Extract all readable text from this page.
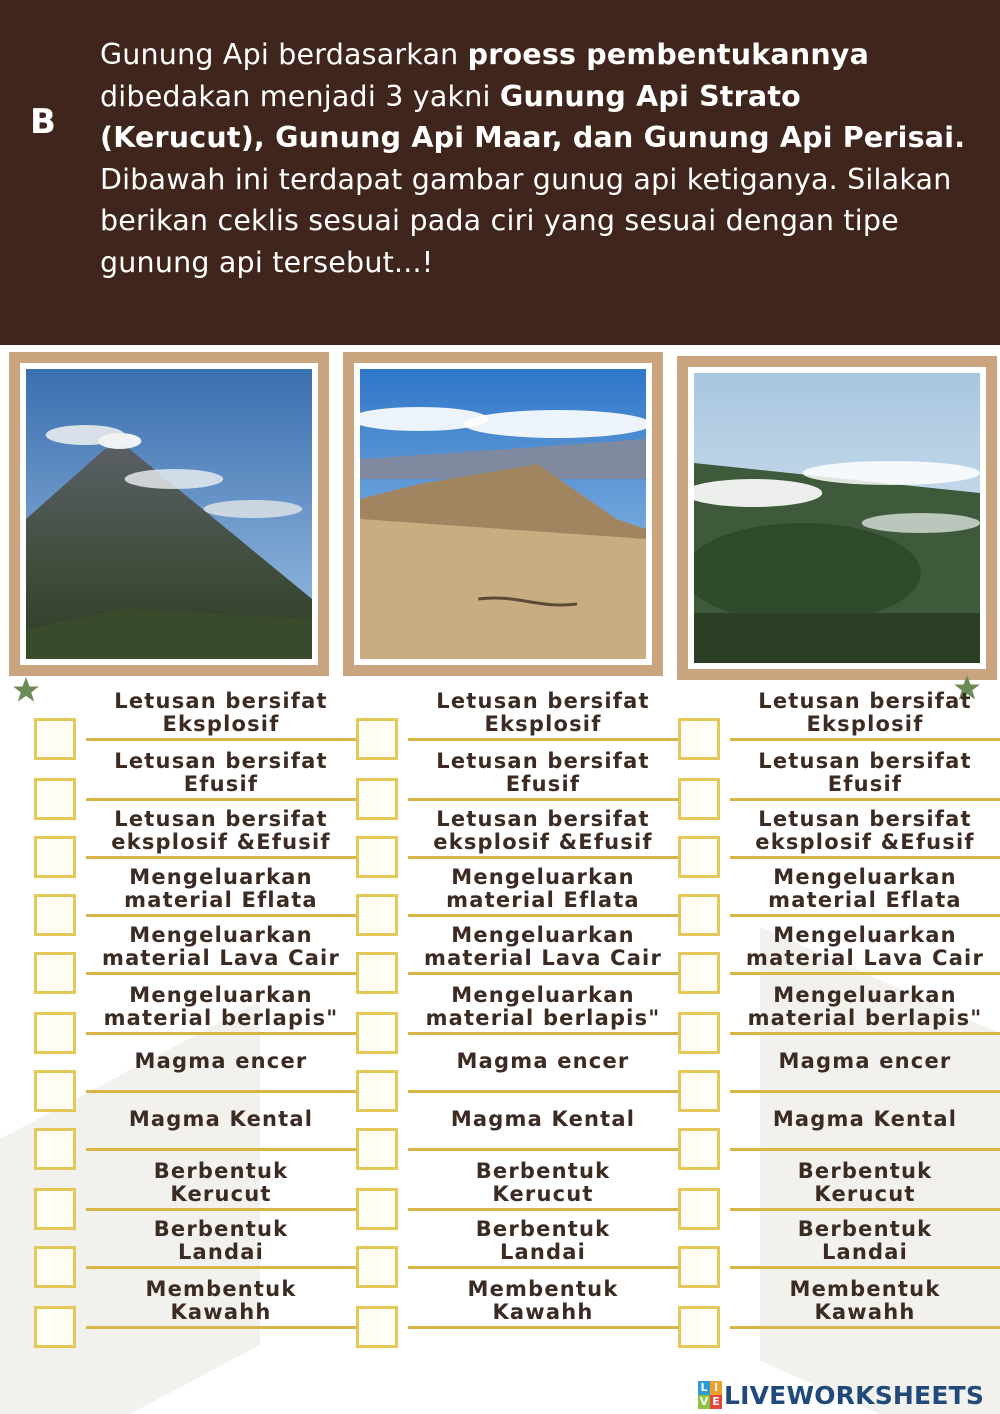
B
Gunung Api berdasarkan proess pembentukannya dibedakan menjadi 3 yakni Gunung Api Strato (Kerucut), Gunung Api Maar, dan Gunung Api Perisai. Dibawah ini terdapat gambar gunug api ketiganya. Silakan berikan ceklis sesuai pada ciri yang sesuai dengan tipe gunung api tersebut...!
Letusan bersifat
Eksplosif
Letusan bersifat
Efusif
Letusan bersifat
eksplosif &Efusif
Mengeluarkan
material Eflata
Mengeluarkan
material Lava Cair
Mengeluarkan
material berlapis"
Magma encer
Magma Kental
Berbentuk
Kerucut
Berbentuk
Landai
Membentuk
Kawahh
Letusan bersifat
Eksplosif
Letusan bersifat
Efusif
Letusan bersifat
eksplosif &Efusif
Mengeluarkan
material Eflata
Mengeluarkan
material Lava Cair
Mengeluarkan
material berlapis"
Magma encer
Magma Kental
Berbentuk
Kerucut
Berbentuk
Landai
Membentuk
Kawahh
Letusan bersifat
Eksplosif
Letusan bersifat
Efusif
Letusan bersifat
eksplosif &Efusif
Mengeluarkan
material Eflata
Mengeluarkan
material Lava Cair
Mengeluarkan
material berlapis"
Magma encer
Magma Kental
Berbentuk
Kerucut
Berbentuk
Landai
Membentuk
Kawahh
L I
V E LIVEWORKSHEETS
